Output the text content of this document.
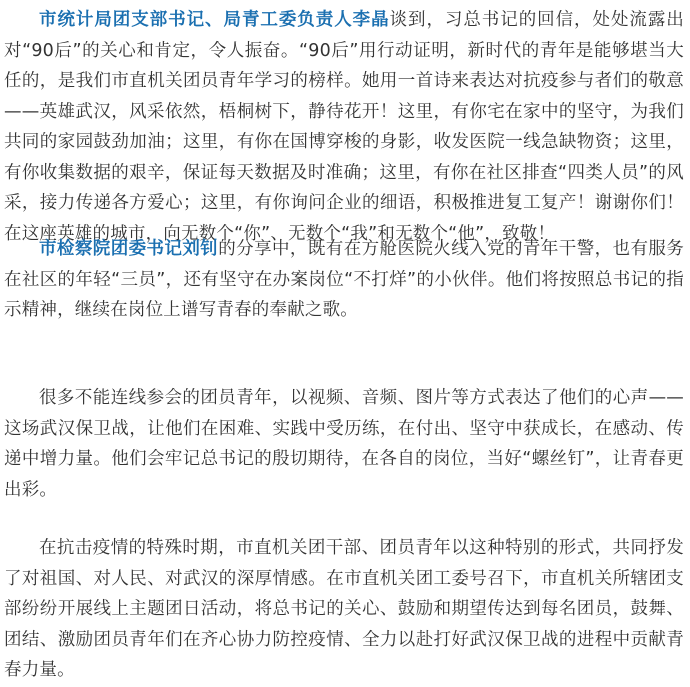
市统计局团支部书记、局青工委负责人李晶谈到，习总书记的回信，处处流露出对“90后”的关心和肯定，令人振奋。“90后”用行动证明，新时代的青年是能够堪当大任的，是我们市直机关团员青年学习的榜样。她用一首诗来表达对抗疫参与者们的敬意——英雄武汉，风采依然，梧桐树下，静待花开！这里，有你宅在家中的坚守，为我们共同的家园鼓劲加油；这里，有你在国博穿梭的身影，收发医院一线急缺物资；这里，有你收集数据的艰辛，保证每天数据及时准确；这里，有你在社区排查“四类人员”的风采，接力传递各方爱心；这里，有你询问企业的细语，积极推进复工复产！谢谢你们！在这座英雄的城市，向无数个“你”、无数个“我”和无数个“他”，致敬！

市检察院团委书记刘钊的分享中，既有在方舱医院火线入党的青年干警，也有服务在社区的年轻“三员”，还有坚守在办案岗位“不打烊”的小伙伴。他们将按照总书记的指示精神，继续在岗位上谱写青春的奉献之歌。

很多不能连线参会的团员青年，以视频、音频、图片等方式表达了他们的心声——这场武汉保卫战，让他们在困难、实践中受历练，在付出、坚守中获成长，在感动、传递中增力量。他们会牢记总书记的殷切期待，在各自的岗位，当好“螺丝钉”，让青春更出彩。

在抗击疫情的特殊时期，市直机关团干部、团员青年以这种特别的形式，共同抒发了对祖国、对人民、对武汉的深厚情感。在市直机关团工委号召下，市直机关所辖团支部纷纷开展线上主题团日活动，将总书记的关心、鼓励和期望传达到每名团员，鼓舞、团结、激励团员青年们在齐心协力防控疫情、全力以赴打好武汉保卫战的进程中贡献青春力量。
